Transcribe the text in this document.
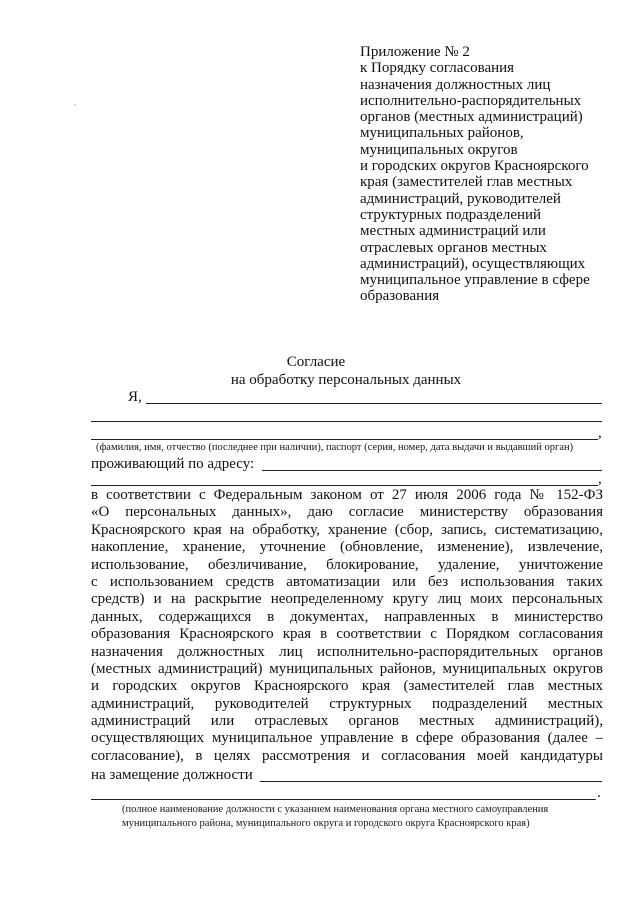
Приложение № 2
к Порядку согласования
назначения должностных лиц
исполнительно-распорядительных
органов (местных администраций)
муниципальных районов,
муниципальных округов
и городских округов Красноярского
края (заместителей глав местных
администраций, руководителей
структурных подразделений
местных администраций или
отраслевых органов местных
администраций), осуществляющих
муниципальное управление в сфере
образования
Согласие
на обработку персональных данных
Я,
,
(фамилия, имя, отчество (последнее при наличии), паспорт (серия, номер, дата выдачи и выдавший орган)
проживающий по адресу:
,
в соответствии с Федеральным законом от 27 июля 2006 года № 152-ФЗ
«О персональных данных», даю согласие министерству образования
Красноярского края на обработку, хранение (сбор, запись, систематизацию,
накопление, хранение, уточнение (обновление, изменение), извлечение,
использование, обезличивание, блокирование, удаление, уничтожение
с использованием средств автоматизации или без использования таких
средств) и на раскрытие неопределенному кругу лиц моих персональных
данных, содержащихся в документах, направленных в министерство
образования Красноярского края в соответствии с Порядком согласования
назначения должностных лиц исполнительно-распорядительных органов
(местных администраций) муниципальных районов, муниципальных округов
и городских округов Красноярского края (заместителей глав местных
администраций, руководителей структурных подразделений местных
администраций или отраслевых органов местных администраций),
осуществляющих муниципальное управление в сфере образования (далее –
согласование), в целях рассмотрения и согласования моей кандидатуры
на замещение должности
.
(полное наименование должности с указанием наименования органа местного самоуправления
муниципального района, муниципального округа и городского округа Красноярского края)
